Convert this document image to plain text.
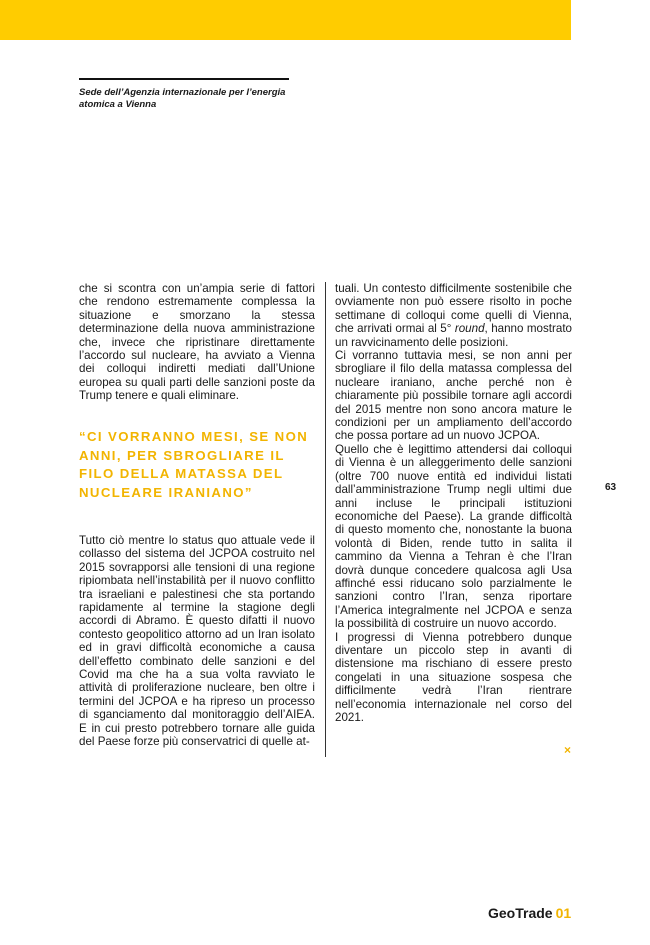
Sede dell’Agenzia internazionale per l’energia atomica a Vienna

che si scontra con un’ampia serie di fattori che rendono estremamente complessa la situazione e smorzano la stessa determinazione della nuova amministrazione che, invece che ripristinare direttamente l’accordo sul nucleare, ha avviato a Vienna dei colloqui indiretti mediati dall’Unione europea su quali parti delle sanzioni poste da Trump tenere e quali eliminare.

“CI VORRANNO MESI, SE NON ANNI, PER SBROGLIARE IL FILO DELLA MATASSA DEL NUCLEARE IRANIANO”

Tutto ciò mentre lo status quo attuale vede il collasso del sistema del JCPOA costruito nel 2015 sovrapporsi alle tensioni di una regione ripiombata nell’instabilità per il nuovo conflitto tra israeliani e palestinesi che sta portando rapidamente al termine la stagione degli accordi di Abramo. È questo difatti il nuovo contesto geopolitico attorno ad un Iran isolato ed in gravi difficoltà economiche a causa dell’effetto combinato delle sanzioni e del Covid ma che ha a sua volta ravviato le attività di proliferazione nucleare, ben oltre i termini del JCPOA e ha ripreso un processo di sganciamento dal monitoraggio dell’AIEA. E in cui presto potrebbero tornare alle guida del Paese forze più conservatrici di quelle at-

tuali. Un contesto difficilmente sostenibile che ovviamente non può essere risolto in poche settimane di colloqui come quelli di Vienna, che arrivati ormai al 5° round, hanno mostrato un ravvicinamento delle posizioni.

Ci vorranno tuttavia mesi, se non anni per sbrogliare il filo della matassa complessa del nucleare iraniano, anche perché non è chiaramente più possibile tornare agli accordi del 2015 mentre non sono ancora mature le condizioni per un ampliamento dell’accordo che possa portare ad un nuovo JCPOA.

Quello che è legittimo attendersi dai colloqui di Vienna è un alleggerimento delle sanzioni (oltre 700 nuove entità ed individui listati dall’amministrazione Trump negli ultimi due anni incluse le principali istituzioni economiche del Paese). La grande difficoltà di questo momento che, nonostante la buona volontà di Biden, rende tutto in salita il cammino da Vienna a Tehran è che l’Iran dovrà dunque concedere qualcosa agli Usa affinché essi riducano solo parzialmente le sanzioni contro l’Iran, senza riportare l’America integralmente nel JCPOA e senza la possibilità di costruire un nuovo accordo.

I progressi di Vienna potrebbero dunque diventare un piccolo step in avanti di distensione ma rischiano di essere presto congelati in una situazione sospesa che difficilmente vedrà l’Iran rientrare nell’economia internazionale nel corso del 2021.

×
63
GeoTrade 01
